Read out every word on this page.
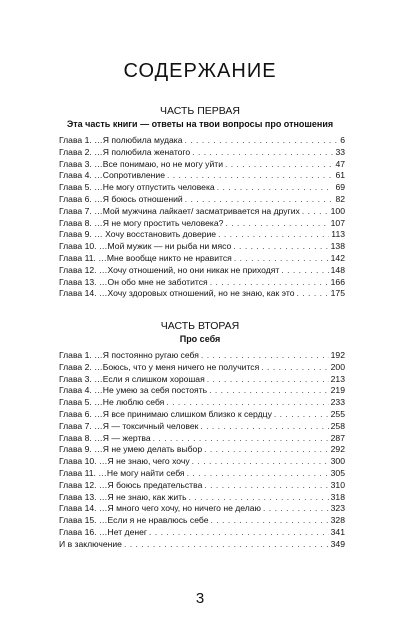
СОДЕРЖАНИЕ
ЧАСТЬ ПЕРВАЯ
Эта часть книги — ответы на твои вопросы про отношения
Глава 1. …Я полюбила мудака . . .	6
Глава 2. …Я полюбила женатого . . .	33
Глава 3. …Все понимаю, но не могу уйти . . .	47
Глава 4. …Сопротивление . . .	61
Глава 5. …Не могу отпустить человека . . .	69
Глава 6. …Я боюсь отношений . . .	82
Глава 7. …Мой мужчина лайкает/ засматривается на других . . .	100
Глава 8. …Я не могу простить человека? . . .	107
Глава 9. … Хочу восстановить доверие . . .	113
Глава 10. …Мой мужик — ни рыба ни мясо . . .	138
Глава 11. …Мне вообще никто не нравится . . .	142
Глава 12. …Хочу отношений, но они никак не приходят . . .	148
Глава 13. …Он обо мне не заботится . . .	166
Глава 14. …Хочу здоровых отношений, но не знаю, как это . . .	175
ЧАСТЬ ВТОРАЯ
Про себя
Глава 1. …Я постоянно ругаю себя . . .	192
Глава 2. …Боюсь, что у меня ничего не получится . . .	200
Глава 3. …Если я слишком хорошая . . .	213
Глава 4. …Не умею за себя постоять . . .	219
Глава 5. …Не люблю себя . . .	233
Глава 6. …Я все принимаю слишком близко к сердцу . . .	255
Глава 7. …Я — токсичный человек . . .	258
Глава 8. …Я — жертва . . .	287
Глава 9. …Я не умею делать выбор . . .	292
Глава 10. …Я не знаю, чего хочу . . .	300
Глава 11. …Не могу найти себя . . .	305
Глава 12. …Я боюсь предательства . . .	310
Глава 13. …Я не знаю, как жить . . .	318
Глава 14. …Я много чего хочу, но ничего не делаю . . .	323
Глава 15. …Если я не нравлюсь себе . . .	328
Глава 16. …Нет денег . . .	341
И в заключение . . .	349
3
